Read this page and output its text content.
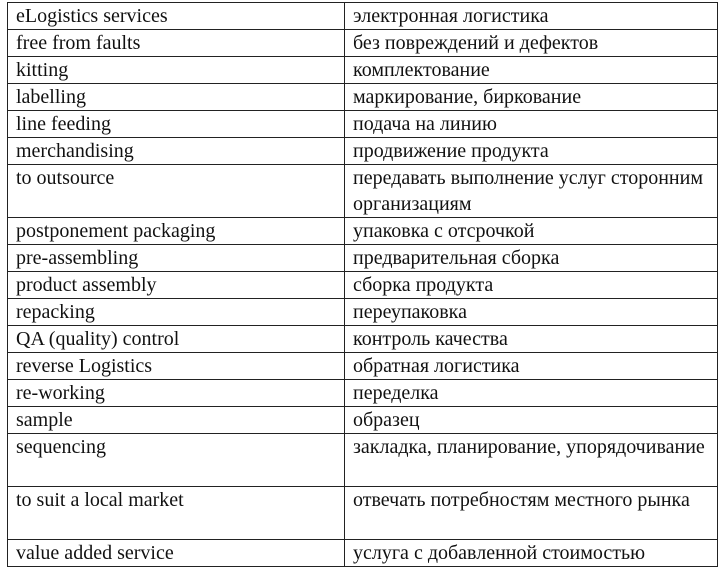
eLogistics services	электронная логистика
free from faults	без повреждений и дефектов
kitting	комплектование
labelling	маркирование, биркование
line feeding	подача на линию
merchandising	продвижение продукта
to outsource	передавать выполнение услуг сторонним организациям
postponement packaging	упаковка с отсрочкой
pre-assembling	предварительная сборка
product assembly	сборка продукта
repacking	переупаковка
QA (quality) control	контроль качества
reverse Logistics	обратная логистика
re-working	переделка
sample	образец
sequencing	закладка, планирование, упорядочивание
to suit a local market	отвечать потребностям местного рынка
value added service	услуга с добавленной стоимостью
